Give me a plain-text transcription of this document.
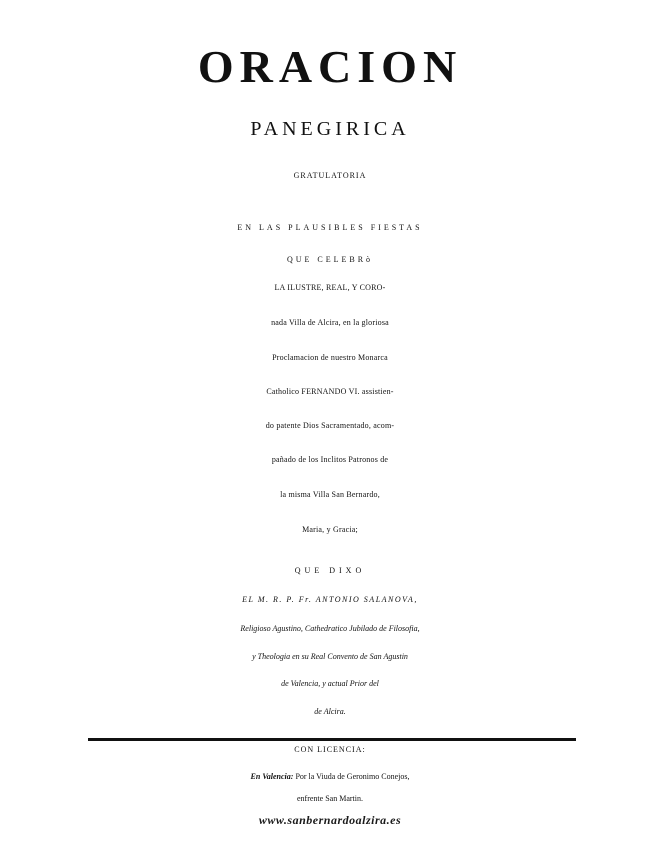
ORACION

PANEGIRICA

GRATULATORIA

EN LAS PLAUSIBLES FIESTAS

QUE CELEBRò

LA ILUSTRE, REAL, Y CORO-

nada Villa de Alcira, en la gloriosa

Proclamacion de nuestro Monarca

Catholico FERNANDO VI. assistien-

do patente Dios Sacramentado, acom-

pañado de los Inclitos Patronos de

la misma Villa San Bernardo,

Maria, y Gracia;

QUE DIXO

EL M. R. P. Fr. ANTONIO SALANOVA,

Religioso Agustino, Cathedratico Jubilado de Filosofia,

y Theologia en su Real Convento de San Agustin

de Valencia, y actual Prior del

de Alcira.

CON LICENCIA:

En Valencia: Por la Viuda de Geronimo Conejos,

enfrente San Martin.

www.sanbernardoalzira.es
